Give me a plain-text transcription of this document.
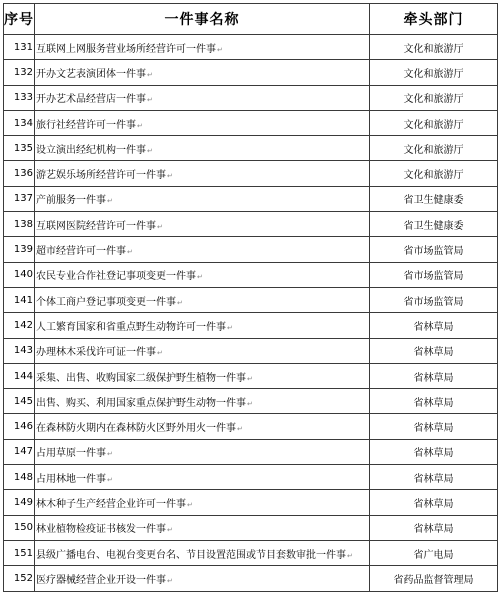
序号	一件事名称	牵头部门
131	互联网上网服务营业场所经营许可一件事↵	文化和旅游厅
132	开办文艺表演团体一件事↵	文化和旅游厅
133	开办艺术品经营店一件事↵	文化和旅游厅
134	旅行社经营许可一件事↵	文化和旅游厅
135	设立演出经纪机构一件事↵	文化和旅游厅
136	游艺娱乐场所经营许可一件事↵	文化和旅游厅
137	产前服务一件事↵	省卫生健康委
138	互联网医院经营许可一件事↵	省卫生健康委
139	超市经营许可一件事↵	省市场监管局
140	农民专业合作社登记事项变更一件事↵	省市场监管局
141	个体工商户登记事项变更一件事↵	省市场监管局
142	人工繁育国家和省重点野生动物许可一件事↵	省林草局
143	办理林木采伐许可证一件事↵	省林草局
144	采集、出售、收购国家二级保护野生植物一件事↵	省林草局
145	出售、购买、利用国家重点保护野生动物一件事↵	省林草局
146	在森林防火期内在森林防火区野外用火一件事↵	省林草局
147	占用草原一件事↵	省林草局
148	占用林地一件事↵	省林草局
149	林木种子生产经营企业许可一件事↵	省林草局
150	林业植物检疫证书核发一件事↵	省林草局
151	县级广播电台、电视台变更台名、节目设置范围或节目套数审批一件事↵	省广电局
152	医疗器械经营企业开设一件事↵	省药品监督管理局
